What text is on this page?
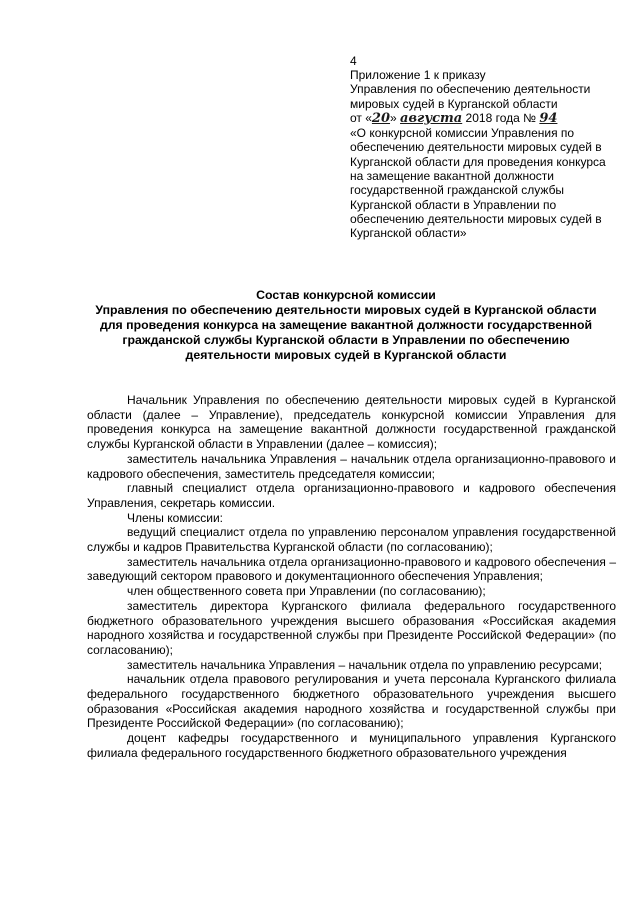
4
Приложение 1 к приказу
Управления по обеспечению деятельности
мировых судей в Курганской области
от «20» августа 2018 года № 94
«О конкурсной комиссии Управления по обеспечению деятельности мировых судей в Курганской области для проведения конкурса на замещение вакантной должности государственной гражданской службы Курганской области в Управлении по обеспечению деятельности мировых судей в Курганской области»
Состав конкурсной комиссии
Управления по обеспечению деятельности мировых судей в Курганской области
для проведения конкурса на замещение вакантной должности государственной
гражданской службы Курганской области в Управлении по обеспечению
деятельности мировых судей в Курганской области

Начальник Управления по обеспечению деятельности мировых судей в Курганской области (далее – Управление), председатель конкурсной комиссии Управления для проведения конкурса на замещение вакантной должности государственной гражданской службы Курганской области в Управлении (далее – комиссия);

заместитель начальника Управления – начальник отдела организационно-правового и кадрового обеспечения, заместитель председателя комиссии;

главный специалист отдела организационно-правового и кадрового обеспечения Управления, секретарь комиссии.

Члены комиссии:

ведущий специалист отдела по управлению персоналом управления государственной службы и кадров Правительства Курганской области (по согласованию);

заместитель начальника отдела организационно-правового и кадрового обеспечения – заведующий сектором правового и документационного обеспечения Управления;

член общественного совета при Управлении (по согласованию);

заместитель директора Курганского филиала федерального государственного бюджетного образовательного учреждения высшего образования «Российская академия народного хозяйства и государственной службы при Президенте Российской Федерации» (по согласованию);

заместитель начальника Управления – начальник отдела по управлению ресурсами;

начальник отдела правового регулирования и учета персонала Курганского филиала федерального государственного бюджетного образовательного учреждения высшего образования «Российская академия народного хозяйства и государственной службы при Президенте Российской Федерации» (по согласованию);

доцент кафедры государственного и муниципального управления Курганского филиала федерального государственного бюджетного образовательного учреждения
